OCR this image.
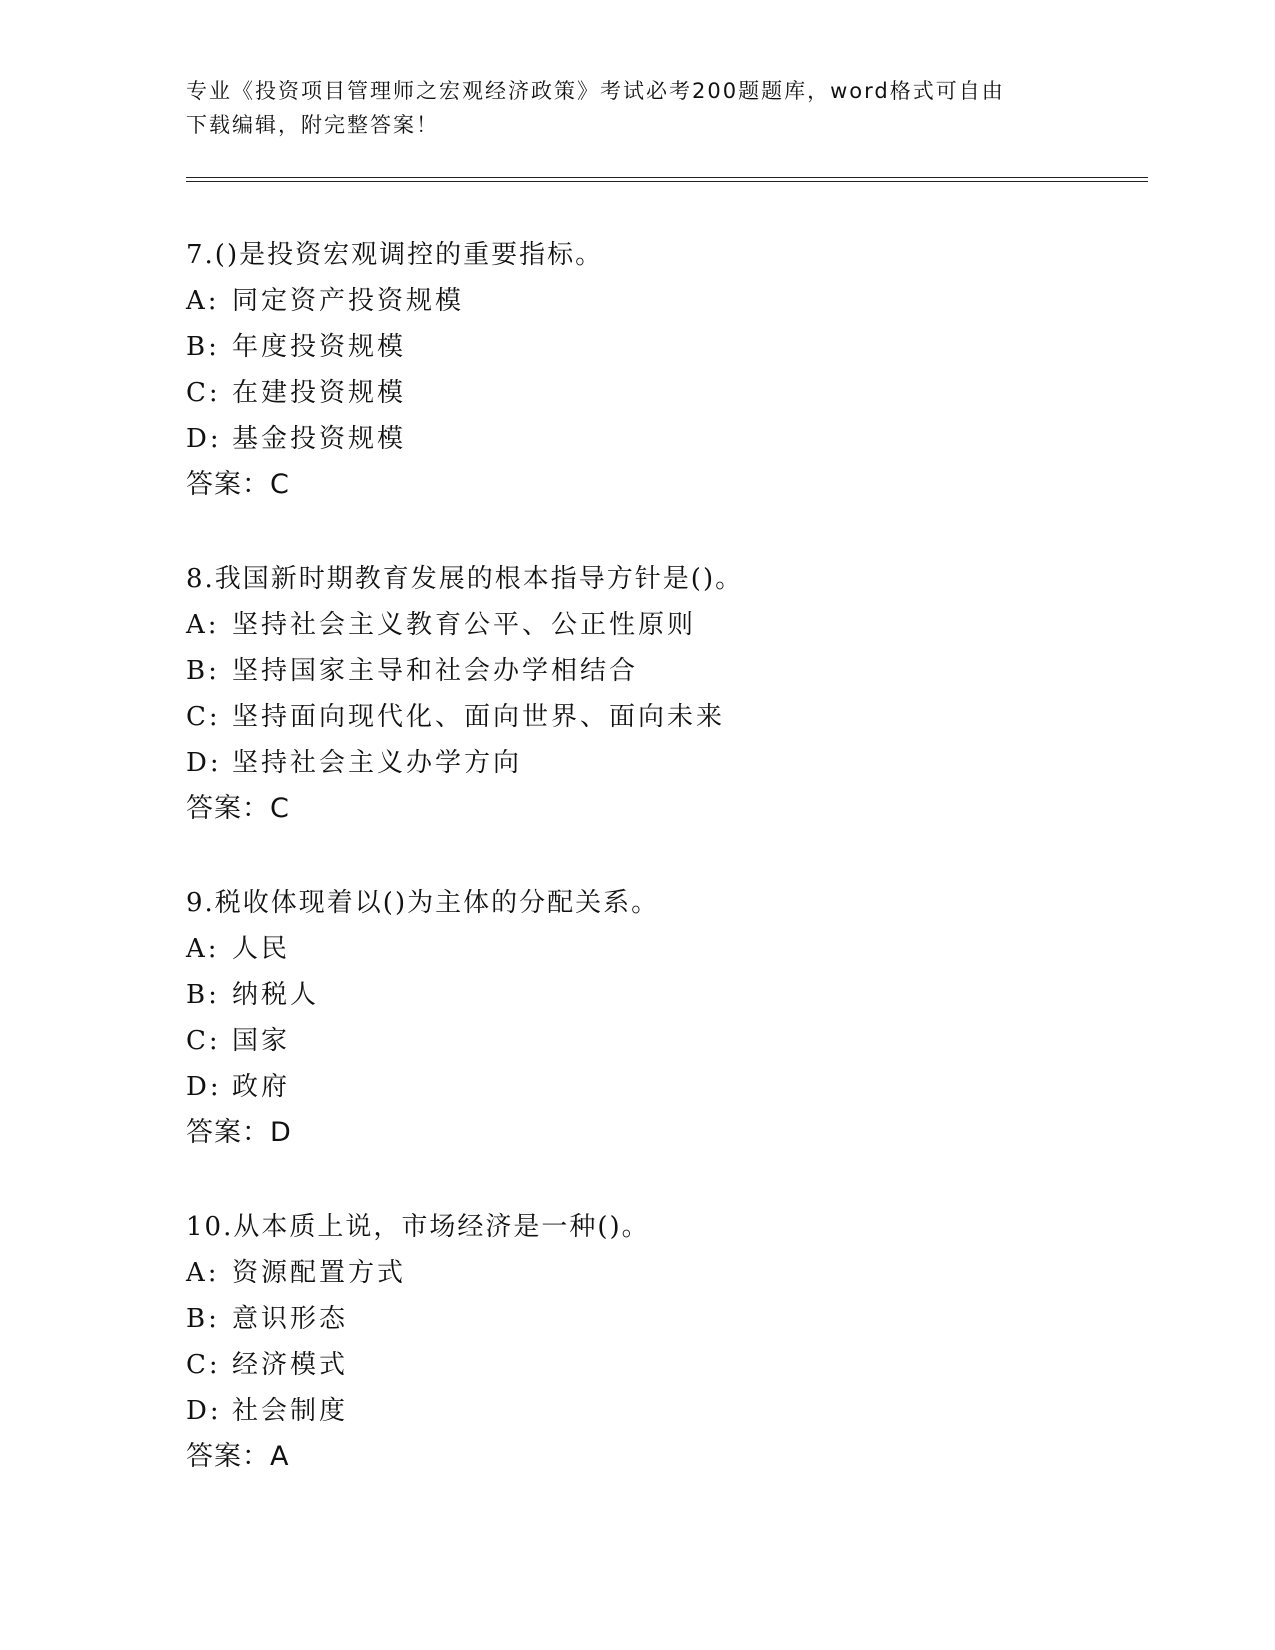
专业《投资项目管理师之宏观经济政策》考试必考200题题库，word格式可自由
下载编辑，附完整答案！
7.()是投资宏观调控的重要指标。
A: 同定资产投资规模
B: 年度投资规模
C: 在建投资规模
D: 基金投资规模
答案：C
8.我国新时期教育发展的根本指导方针是()。
A: 坚持社会主义教育公平、公正性原则
B: 坚持国家主导和社会办学相结合
C: 坚持面向现代化、面向世界、面向未来
D: 坚持社会主义办学方向
答案：C
9.税收体现着以()为主体的分配关系。
A: 人民
B: 纳税人
C: 国家
D: 政府
答案：D
10.从本质上说，市场经济是一种()。
A: 资源配置方式
B: 意识形态
C: 经济模式
D: 社会制度
答案：A
